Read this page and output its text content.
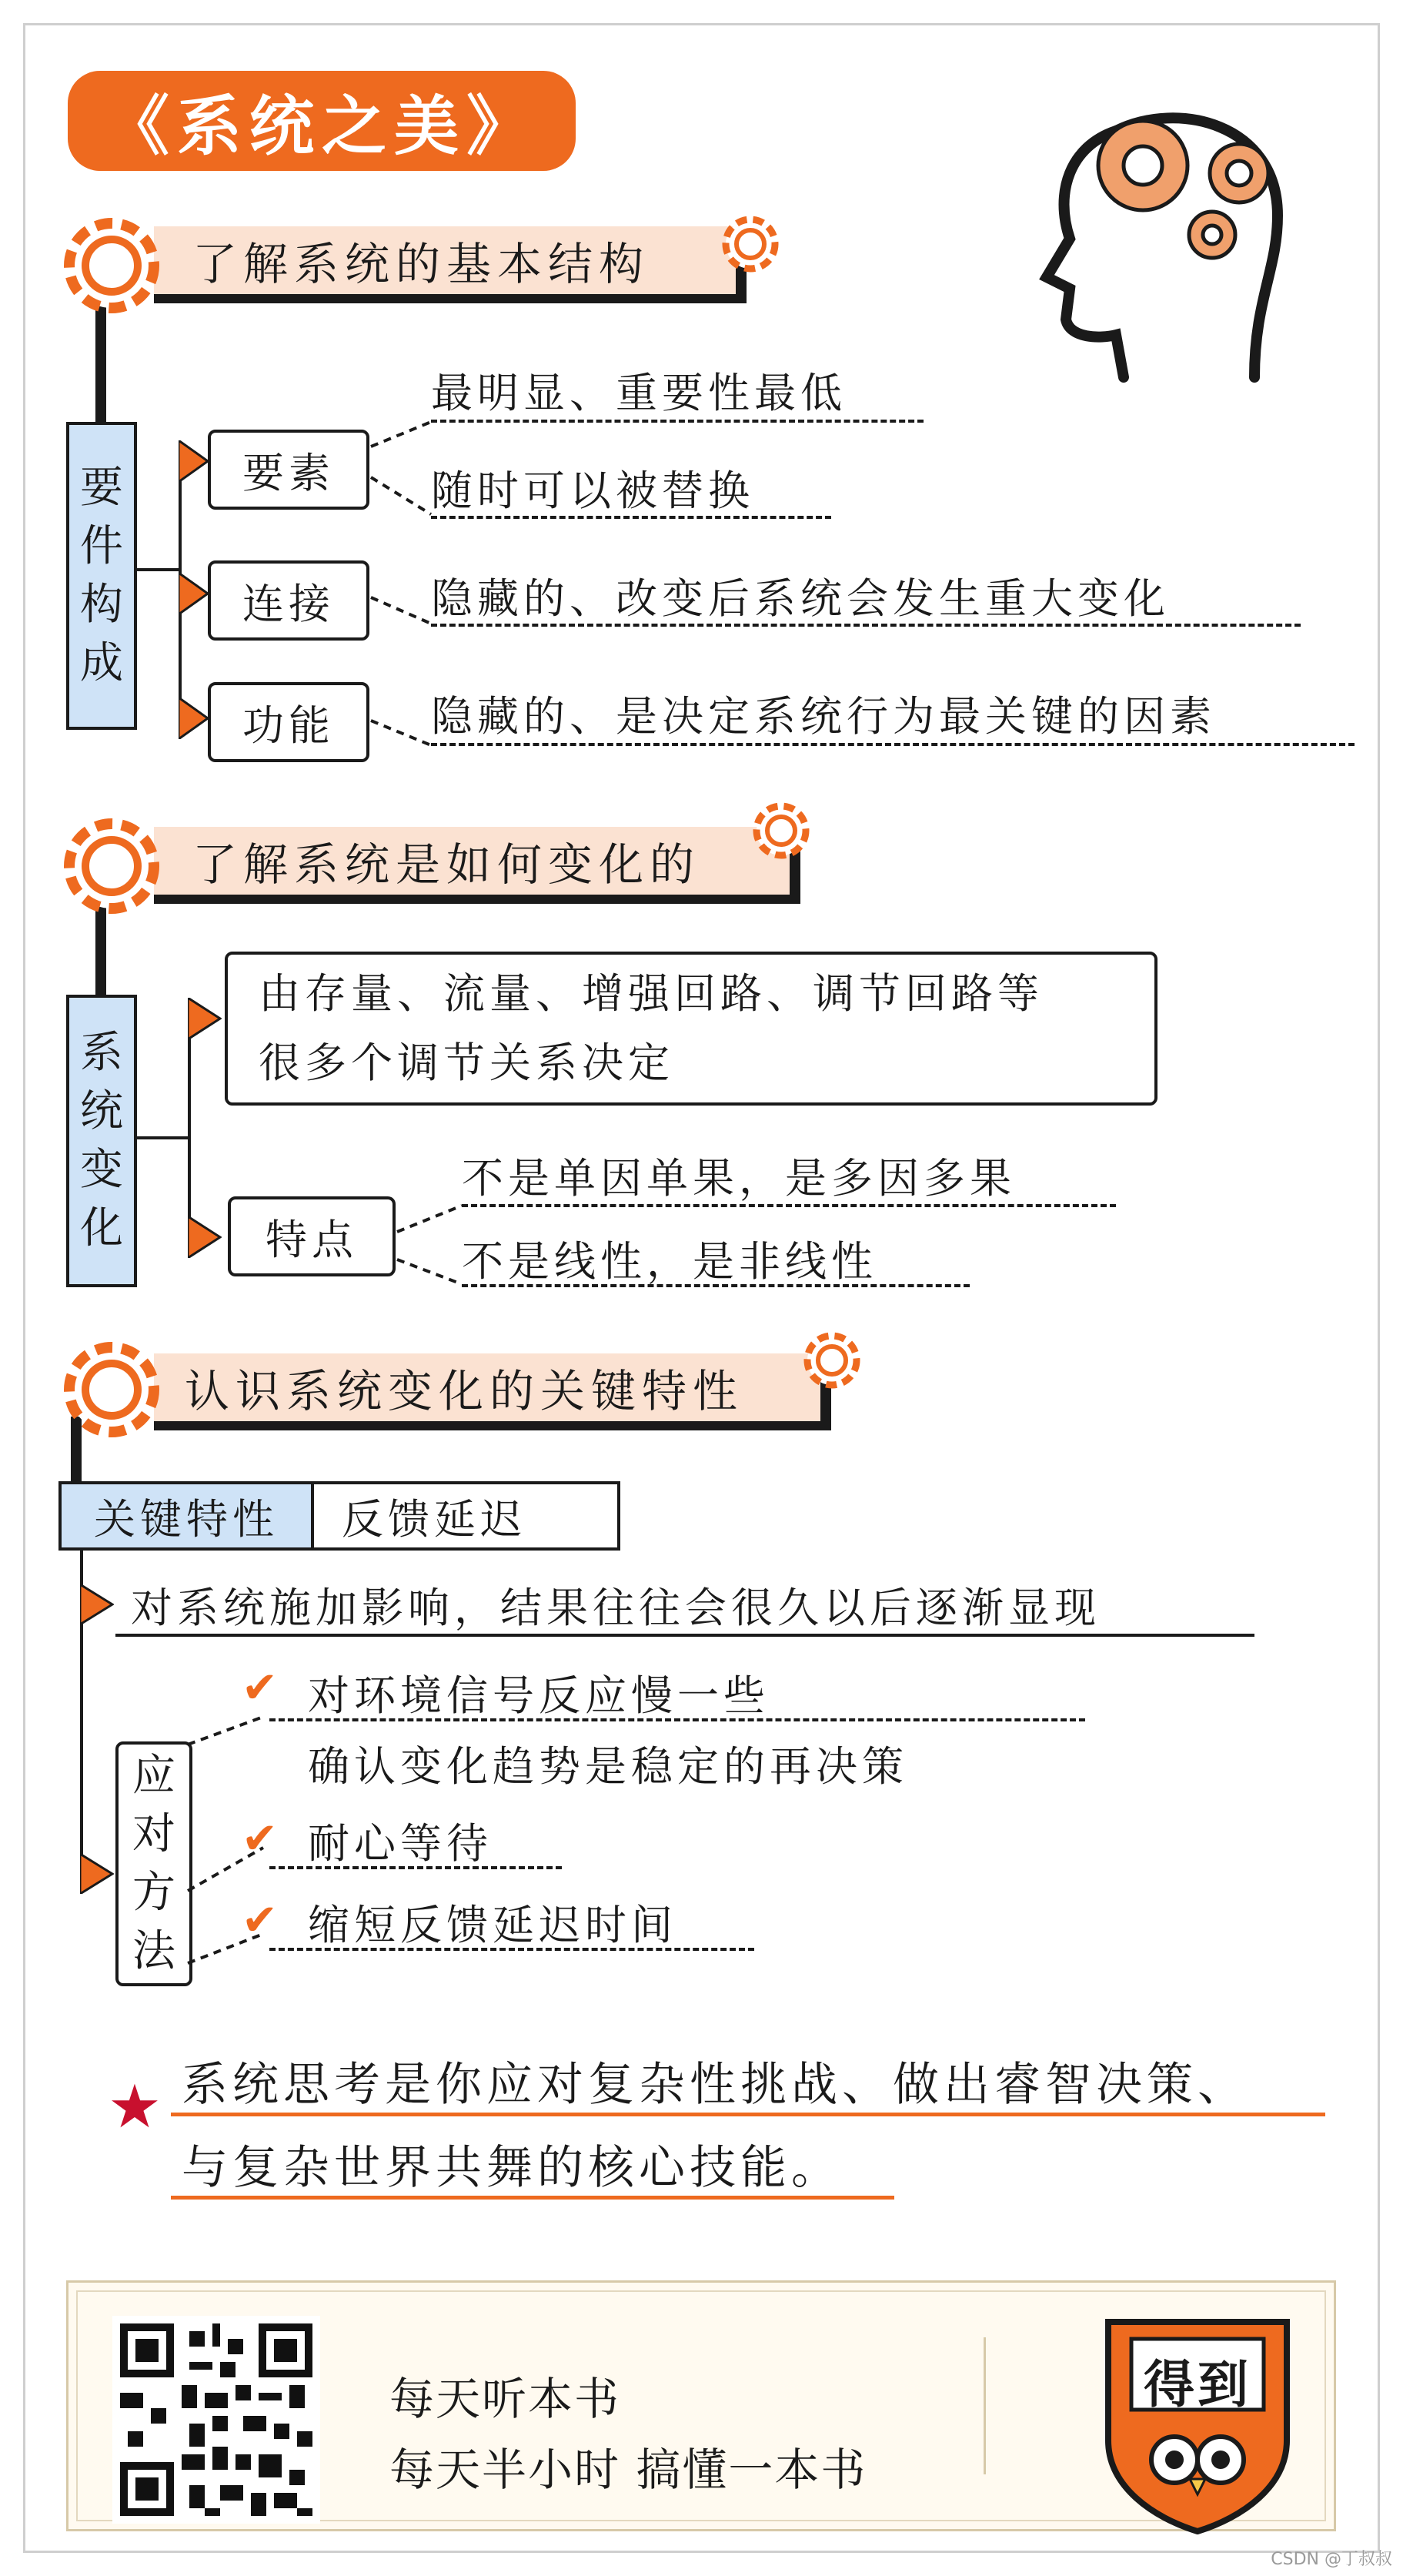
《系统之美》
了解系统的基本结构
要
件
构
成
要素
最明显、重要性最低
随时可以被替换
连接	隐藏的、改变后系统会发生重大变化
功能	隐藏的、是决定系统行为最关键的因素
了解系统是如何变化的
系
统
变
化
由存量、流量、增强回路、调节回路等
很多个调节关系决定
特点
不是单因单果，是多因多果
不是线性，是非线性
认识系统变化的关键特性
关键特性	反馈延迟
对系统施加影响，结果往往会很久以后逐渐显现
应
对
方
法
✔ 对环境信号反应慢一些
确认变化趋势是稳定的再决策
✔ 耐心等待
✔ 缩短反馈延迟时间
★ 系统思考是你应对复杂性挑战、做出睿智决策、
与复杂世界共舞的核心技能。
每天听本书
每天半小时 搞懂一本书
得到
CSDN @丁叔叔
